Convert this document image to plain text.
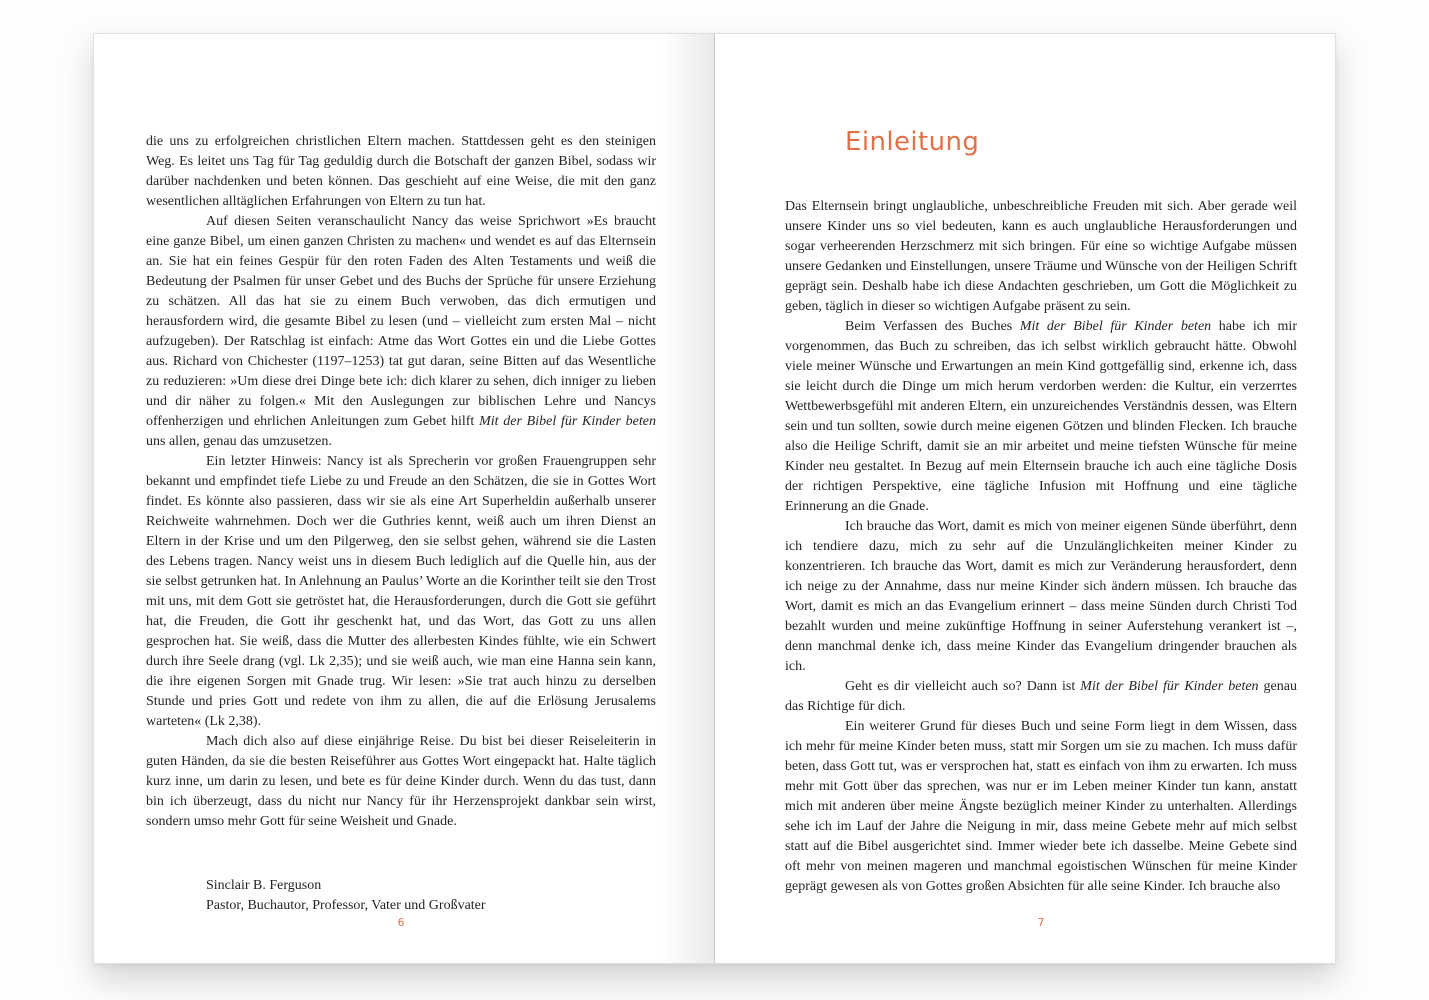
die uns zu erfolgreichen christlichen Eltern machen. Stattdessen geht es den steinigen Weg. Es leitet uns Tag für Tag geduldig durch die Botschaft der ganzen Bibel, sodass wir darüber nachdenken und beten können. Das geschieht auf eine Weise, die mit den ganz wesentlichen alltäglichen Erfahrungen von Eltern zu tun hat.

Auf diesen Seiten veranschaulicht Nancy das weise Sprichwort »Es braucht eine ganze Bibel, um einen ganzen Christen zu machen« und wendet es auf das Elternsein an. Sie hat ein feines Gespür für den roten Faden des Alten Testaments und weiß die Bedeutung der Psalmen für unser Gebet und des Buchs der Sprüche für unsere Erziehung zu schätzen. All das hat sie zu einem Buch verwoben, das dich ermutigen und herausfordern wird, die gesamte Bibel zu lesen (und – vielleicht zum ersten Mal – nicht aufzugeben). Der Ratschlag ist einfach: Atme das Wort Gottes ein und die Liebe Gottes aus. Richard von Chichester (1197–1253) tat gut daran, seine Bitten auf das Wesentliche zu reduzieren: »Um diese drei Dinge bete ich: dich klarer zu sehen, dich inniger zu lieben und dir näher zu folgen.« Mit den Auslegungen zur biblischen Lehre und Nancys offenherzigen und ehrlichen Anleitungen zum Gebet hilft Mit der Bibel für Kinder beten uns allen, genau das umzusetzen.

Ein letzter Hinweis: Nancy ist als Sprecherin vor großen Frauengruppen sehr bekannt und empfindet tiefe Liebe zu und Freude an den Schätzen, die sie in Gottes Wort findet. Es könnte also passieren, dass wir sie als eine Art Superheldin außerhalb unserer Reichweite wahrnehmen. Doch wer die Guthries kennt, weiß auch um ihren Dienst an Eltern in der Krise und um den Pilgerweg, den sie selbst gehen, während sie die Lasten des Lebens tragen. Nancy weist uns in diesem Buch lediglich auf die Quelle hin, aus der sie selbst getrunken hat. In Anlehnung an Paulus’ Worte an die Korinther teilt sie den Trost mit uns, mit dem Gott sie getröstet hat, die Herausforderungen, durch die Gott sie geführt hat, die Freuden, die Gott ihr geschenkt hat, und das Wort, das Gott zu uns allen gesprochen hat. Sie weiß, dass die Mutter des allerbesten Kindes fühlte, wie ein Schwert durch ihre Seele drang (vgl. Lk 2,35); und sie weiß auch, wie man eine Hanna sein kann, die ihre eigenen Sorgen mit Gnade trug. Wir lesen: »Sie trat auch hinzu zu derselben Stunde und pries Gott und redete von ihm zu allen, die auf die Erlösung Jerusalems warteten« (Lk 2,38).

Mach dich also auf diese einjährige Reise. Du bist bei dieser Reiseleiterin in guten Händen, da sie die besten Reiseführer aus Gottes Wort eingepackt hat. Halte täglich kurz inne, um darin zu lesen, und bete es für deine Kinder durch. Wenn du das tust, dann bin ich überzeugt, dass du nicht nur Nancy für ihr Herzensprojekt dankbar sein wirst, sondern umso mehr Gott für seine Weisheit und Gnade.

Sinclair B. Ferguson
Pastor, Buchautor, Professor, Vater und Großvater
6
Einleitung

Das Elternsein bringt unglaubliche, unbeschreibliche Freuden mit sich. Aber gerade weil unsere Kinder uns so viel bedeuten, kann es auch unglaubliche Herausforderungen und sogar verheerenden Herzschmerz mit sich bringen. Für eine so wichtige Aufgabe müssen unsere Gedanken und Einstellungen, unsere Träume und Wünsche von der Heiligen Schrift geprägt sein. Deshalb habe ich diese Andachten geschrieben, um Gott die Möglichkeit zu geben, täglich in dieser so wichtigen Aufgabe präsent zu sein.

Beim Verfassen des Buches Mit der Bibel für Kinder beten habe ich mir vorgenommen, das Buch zu schreiben, das ich selbst wirklich gebraucht hätte. Obwohl viele meiner Wünsche und Erwartungen an mein Kind gottgefällig sind, erkenne ich, dass sie leicht durch die Dinge um mich herum verdorben werden: die Kultur, ein verzerrtes Wettbewerbsgefühl mit anderen Eltern, ein unzureichendes Verständnis dessen, was Eltern sein und tun sollten, sowie durch meine eigenen Götzen und blinden Flecken. Ich brauche also die Heilige Schrift, damit sie an mir arbeitet und meine tiefsten Wünsche für meine Kinder neu gestaltet. In Bezug auf mein Elternsein brauche ich auch eine tägliche Dosis der richtigen Perspektive, eine tägliche Infusion mit Hoffnung und eine tägliche Erinnerung an die Gnade.

Ich brauche das Wort, damit es mich von meiner eigenen Sünde überführt, denn ich tendiere dazu, mich zu sehr auf die Unzulänglichkeiten meiner Kinder zu konzentrieren. Ich brauche das Wort, damit es mich zur Veränderung herausfordert, denn ich neige zu der Annahme, dass nur meine Kinder sich ändern müssen. Ich brauche das Wort, damit es mich an das Evangelium erinnert – dass meine Sünden durch Christi Tod bezahlt wurden und meine zukünftige Hoffnung in seiner Auferstehung verankert ist –, denn manchmal denke ich, dass meine Kinder das Evangelium dringender brauchen als ich.

Geht es dir vielleicht auch so? Dann ist Mit der Bibel für Kinder beten genau das Richtige für dich.

Ein weiterer Grund für dieses Buch und seine Form liegt in dem Wissen, dass ich mehr für meine Kinder beten muss, statt mir Sorgen um sie zu machen. Ich muss dafür beten, dass Gott tut, was er versprochen hat, statt es einfach von ihm zu erwarten. Ich muss mehr mit Gott über das sprechen, was nur er im Leben meiner Kinder tun kann, anstatt mich mit anderen über meine Ängste bezüglich meiner Kinder zu unterhalten. Allerdings sehe ich im Lauf der Jahre die Neigung in mir, dass meine Gebete mehr auf mich selbst statt auf die Bibel ausgerichtet sind. Immer wieder bete ich dasselbe. Meine Gebete sind oft mehr von meinen mageren und manchmal egoistischen Wünschen für meine Kinder geprägt gewesen als von Gottes großen Absichten für alle seine Kinder. Ich brauche also

7
